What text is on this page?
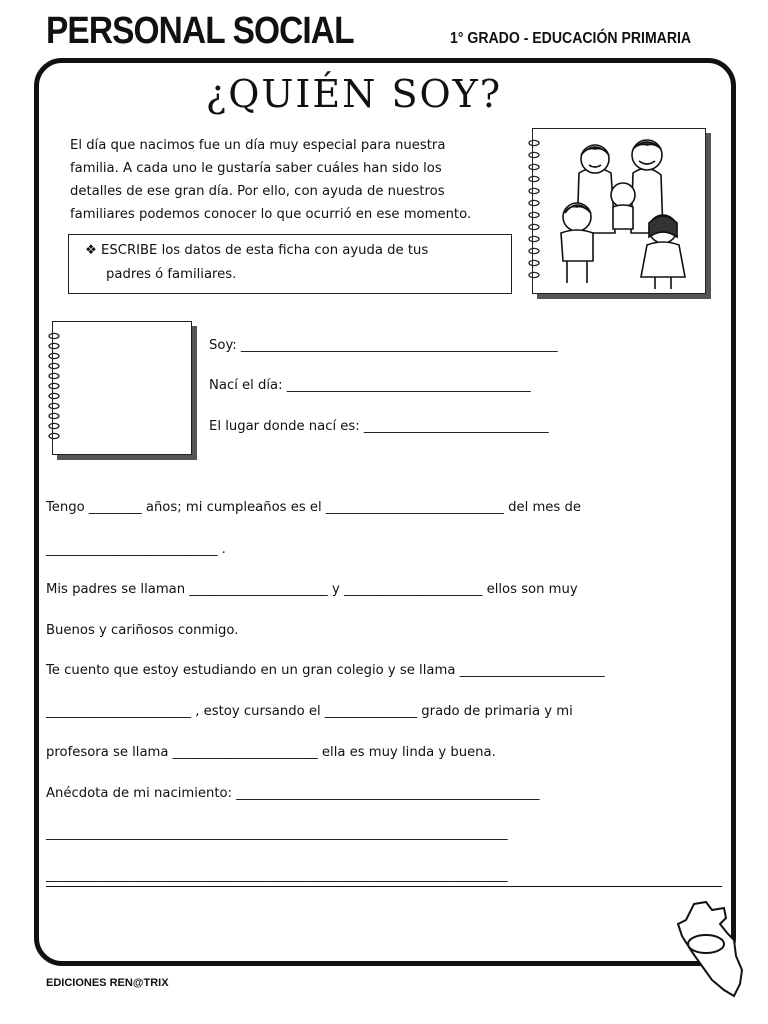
PERSONAL SOCIAL	1° GRADO - EDUCACIÓN PRIMARIA
¿QUIÉN SOY?
El día que nacimos fue un día muy especial para nuestra
familia. A cada uno le gustaría saber cuáles han sido los
detalles de ese gran día. Por ello, con ayuda de nuestros
familiares podemos conocer lo que ocurrió en ese momento.
❖ ESCRIBE los datos de esta ficha con ayuda de tus
padres ó familiares.
Soy: ________________________________________________
Nací el día: _____________________________________
El lugar donde nací es: ____________________________
Tengo ________ años; mi cumpleaños es el ___________________________ del mes de
__________________________ .
Mis padres se llaman _____________________ y _____________________ ellos son muy
Buenos y cariñosos conmigo.
Te cuento que estoy estudiando en un gran colegio y se llama ______________________
______________________ , estoy cursando el ______________ grado de primaria y mi
profesora se llama ______________________ ella es muy linda y buena.
Anécdota de mi nacimiento: ______________________________________________
______________________________________________________________________
______________________________________________________________________
EDICIONES REN@TRIX
